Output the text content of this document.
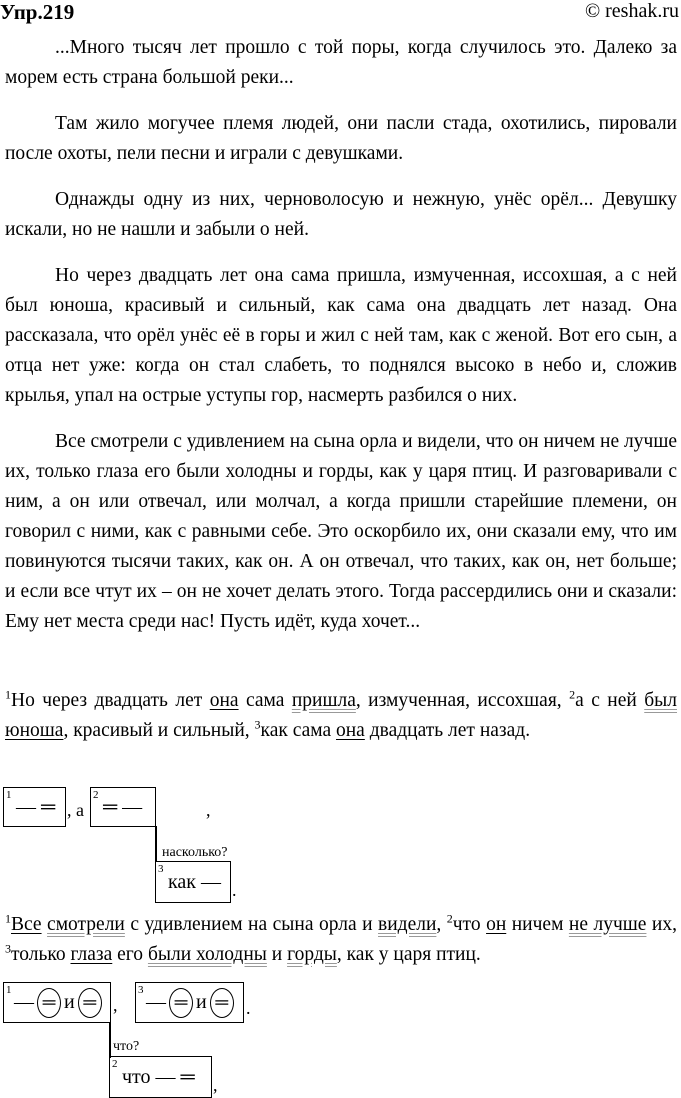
Упр.219	© reshak.ru

...Много тысяч лет прошло с той поры, когда случилось это. Далеко за морем есть страна большой реки...

Там жило могучее племя людей, они пасли стада, охотились, пировали после охоты, пели песни и играли с девушками.

Однажды одну из них, черноволосую и нежную, унёс орёл... Девушку искали, но не нашли и забыли о ней.

Но через двадцать лет она сама пришла, измученная, иссохшая, а с ней был юноша, красивый и сильный, как сама она двадцать лет назад. Она рассказала, что орёл унёс её в горы и жил с ней там, как с женой. Вот его сын, а отца нет уже: когда он стал слабеть, то поднялся высоко в небо и, сложив крылья, упал на острые уступы гор, насмерть разбился о них.

Все смотрели с удивлением на сына орла и видели, что он ничем не лучше их, только глаза его были холодны и горды, как у царя птиц. И разговаривали с ним, а он или отвечал, или молчал, а когда пришли старейшие племени, он говорил с ними, как с равными себе. Это оскорбило их, они сказали ему, что им повинуются тысячи таких, как он. А он отвечал, что таких, как он, нет больше; и если все чтут их – он не хочет делать этого. Тогда рассердились они и сказали: Ему нет места среди нас! Пусть идёт, куда хочет...

$^1$Но через двадцать лет она сама пришла, измученная, иссохшая, $^2$а с ней был юноша, красивый и сильный, $^3$как сама она двадцать лет назад.

1
— ═ , а
2
═ —	,
насколько?
3
как — .

$^1$Все смотрели с удивлением на сына орла и видели, $^2$что он ничем не лучше их, $^3$только глаза его были холодны и горды, как у царя птиц.

1
— ═ и ═ ,
3
— ═ и ═ .
что?
2
что — ═ ,
